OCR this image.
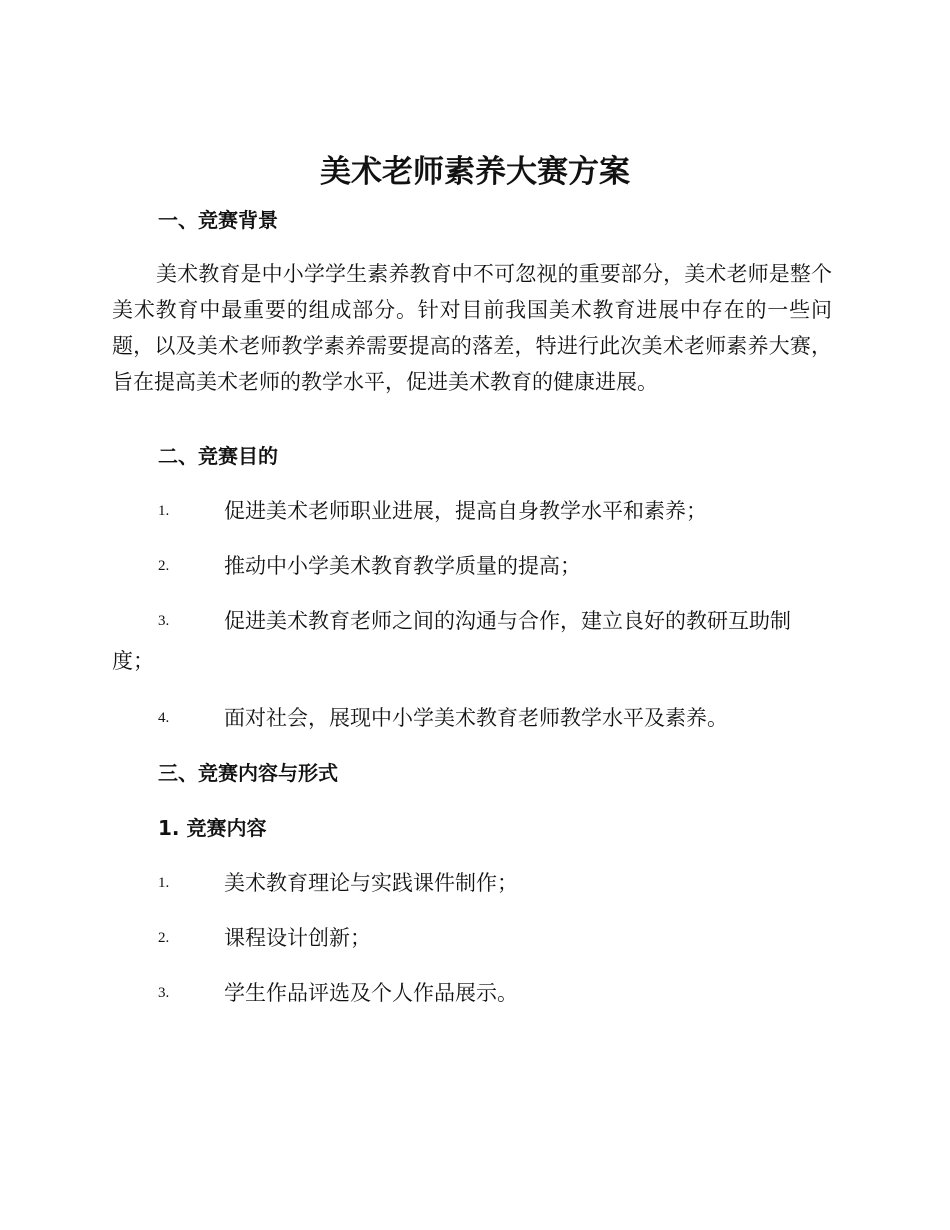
美术老师素养大赛方案
一、竞赛背景

美术教育是中小学学生素养教育中不可忽视的重要部分，美术老师是整个美术教育中最重要的组成部分。针对目前我国美术教育进展中存在的一些问题，以及美术老师教学素养需要提高的落差，特进行此次美术老师素养大赛，旨在提高美术老师的教学水平，促进美术教育的健康进展。

二、竞赛目的
1.	促进美术老师职业进展，提高自身教学水平和素养；
2.	推动中小学美术教育教学质量的提高；
3.	促进美术教育老师之间的沟通与合作，建立良好的教研互助制度；
4.	面对社会，展现中小学美术教育老师教学水平及素养。
三、竞赛内容与形式
1. 竞赛内容
1.	美术教育理论与实践课件制作；
2.	课程设计创新；
3.	学生作品评选及个人作品展示。
